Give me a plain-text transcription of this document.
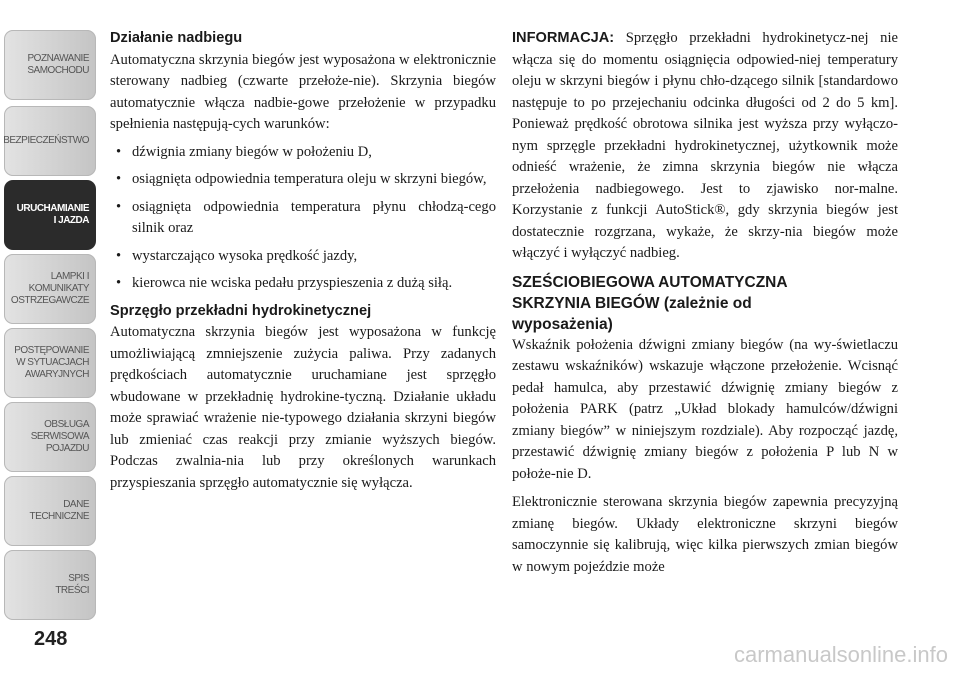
POZNAWANIE
SAMOCHODU
BEZPIECZEŃSTWO
URUCHAMIANIE
I JAZDA
LAMPKI I
KOMUNIKATY
OSTRZEGAWCZE
POSTĘPOWANIE
W SYTUACJACH
AWARYJNYCH
OBSŁUGA
SERWISOWA
POJAZDU
DANE
TECHNICZNE
SPIS
TREŚCI
248
Działanie nadbiegu

Automatyczna skrzynia biegów jest wyposażona w elektronicznie sterowany nadbieg (czwarte przełoże-nie). Skrzynia biegów automatycznie włącza nadbie-gowe przełożenie w przypadku spełnienia następują-cych warunków:

• dźwignia zmiany biegów w położeniu D,
• osiągnięta odpowiednia temperatura oleju w skrzyni biegów,
• osiągnięta odpowiednia temperatura płynu chłodzą-cego silnik oraz
• wystarczająco wysoka prędkość jazdy,
• kierowca nie wciska pedału przyspieszenia z dużą siłą.
Sprzęgło przekładni hydrokinetycznej

Automatyczna skrzynia biegów jest wyposażona w funkcję umożliwiającą zmniejszenie zużycia paliwa. Przy zadanych prędkościach automatycznie uruchamiane jest sprzęgło wbudowane w przekładnię hydrokine-tyczną. Działanie układu może sprawiać wrażenie nie-typowego działania skrzyni biegów lub zmieniać czas reakcji przy zmianie wyższych biegów. Podczas zwalnia-nia lub przy określonych warunkach przyspieszania sprzęgło automatycznie się wyłącza.

INFORMACJA: Sprzęgło przekładni hydrokinetycz-nej nie włącza się do momentu osiągnięcia odpowied-niej temperatury oleju w skrzyni biegów i płynu chło-dzącego silnik [standardowo następuje to po przejechaniu odcinka długości od 2 do 5 km]. Ponieważ prędkość obrotowa silnika jest wyższa przy wyłączo-nym sprzęgle przekładni hydrokinetycznej, użytkownik może odnieść wrażenie, że zimna skrzynia biegów nie włącza przełożenia nadbiegowego. Jest to zjawisko nor-malne. Korzystanie z funkcji AutoStick®, gdy skrzynia biegów jest dostatecznie rozgrzana, wykaże, że skrzy-nia biegów może włączyć i wyłączyć nadbieg.

SZEŚCIOBIEGOWA AUTOMATYCZNA
SKRZYNIA BIEGÓW (zależnie od
wyposażenia)

Wskaźnik położenia dźwigni zmiany biegów (na wy-świetlaczu zestawu wskaźników) wskazuje włączone przełożenie. Wcisnąć pedał hamulca, aby przestawić dźwignię zmiany biegów z położenia PARK (patrz „Układ blokady hamulców/dźwigni zmiany biegów” w niniejszym rozdziale). Aby rozpocząć jazdę, przestawić dźwignię zmiany biegów z położenia P lub N w położe-nie D.

Elektronicznie sterowana skrzynia biegów zapewnia precyzyjną zmianę biegów. Układy elektroniczne skrzyni biegów samoczynnie się kalibrują, więc kilka pierwszych zmian biegów w nowym pojeździe może

carmanualsonline.info
